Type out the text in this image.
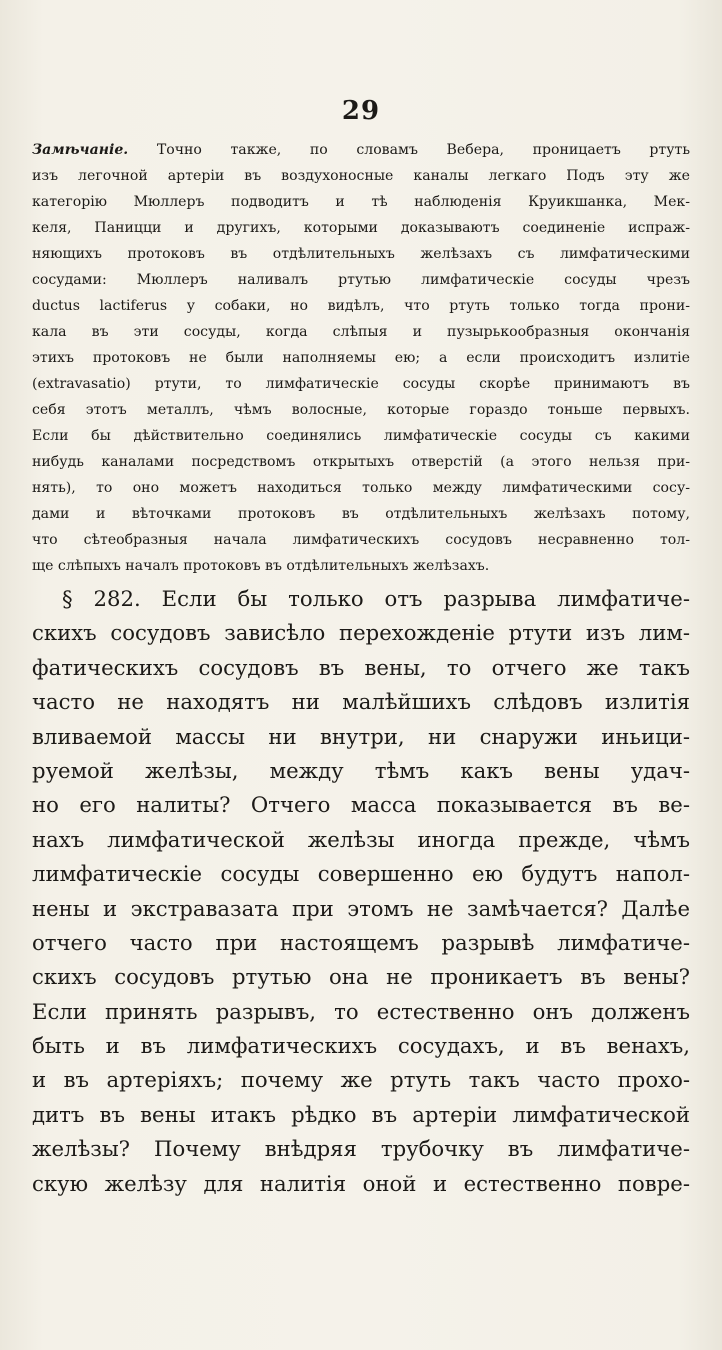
29
Замѣчаніе. Точно также, по словамъ Вебера, проницаетъ ртуть
изъ легочной артеріи въ воздухоносные каналы легкаго Подъ эту же
категорію Мюллеръ подводитъ и тѣ наблюденія Круикшанка, Мек-
келя, Паницци и другихъ, которыми доказываютъ соединеніе испраж-
няющихъ протоковъ въ отдѣлительныхъ желѣзахъ съ лимфатическими
сосудами: Мюллеръ наливалъ ртутью лимфатическіе сосуды чрезъ
ductus lactiferus у собаки, но видѣлъ, что ртуть только тогда прони-
кала въ эти сосуды, когда слѣпыя и пузырькообразныя окончанія
этихъ протоковъ не были наполняемы ею; а если происходитъ излитіе
(extravasatio) ртути, то лимфатическіе сосуды скорѣе принимаютъ въ
себя этотъ металлъ, чѣмъ волосные, которые гораздо тоньше первыхъ.
Если бы дѣйствительно соединялись лимфатическіе сосуды съ какими
нибудь каналами посредствомъ открытыхъ отверстій (а этого нельзя при-
нять), то оно можетъ находиться только между лимфатическими сосу-
дами и вѣточками протоковъ въ отдѣлительныхъ желѣзахъ потому,
что сѣтеобразныя начала лимфатическихъ сосудовъ несравненно тол-
ще слѣпыхъ началъ протоковъ въ отдѣлительныхъ желѣзахъ.
§ 282. Если бы только отъ разрыва лимфатиче-
скихъ сосудовъ зависѣло перехожденіе ртути изъ лим-
фатическихъ сосудовъ въ вены, то отчего же такъ
часто не находятъ ни малѣйшихъ слѣдовъ излитія
вливаемой массы ни внутри, ни снаружи иньици-
руемой желѣзы, между тѣмъ какъ вены удач-
но его налиты? Отчего масса показывается въ ве-
нахъ лимфатической желѣзы иногда прежде, чѣмъ
лимфатическіе сосуды совершенно ею будутъ напол-
нены и экстравазата при этомъ не замѣчается? Далѣе
отчего часто при настоящемъ разрывѣ лимфатиче-
скихъ сосудовъ ртутью она не проникаетъ въ вены?
Если принять разрывъ, то естественно онъ долженъ
быть и въ лимфатическихъ сосудахъ, и въ венахъ,
и въ артеріяхъ; почему же ртуть такъ часто прохо-
дитъ въ вены итакъ рѣдко въ артеріи лимфатической
желѣзы? Почему внѣдряя трубочку въ лимфатиче-
скую желѣзу для налитія оной и естественно повре-
